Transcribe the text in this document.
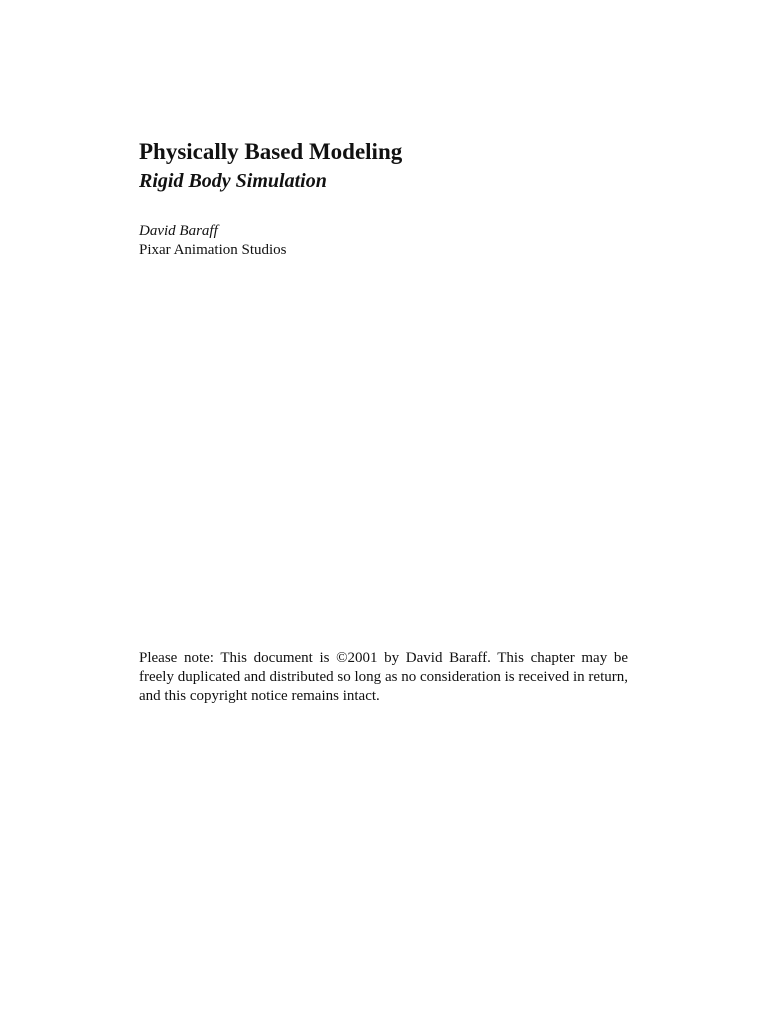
Physically Based Modeling
Rigid Body Simulation
David Baraff
Pixar Animation Studios

Please note: This document is ©2001 by David Baraff. This chapter may be freely duplicated and distributed so long as no consideration is received in return, and this copyright notice remains intact.
